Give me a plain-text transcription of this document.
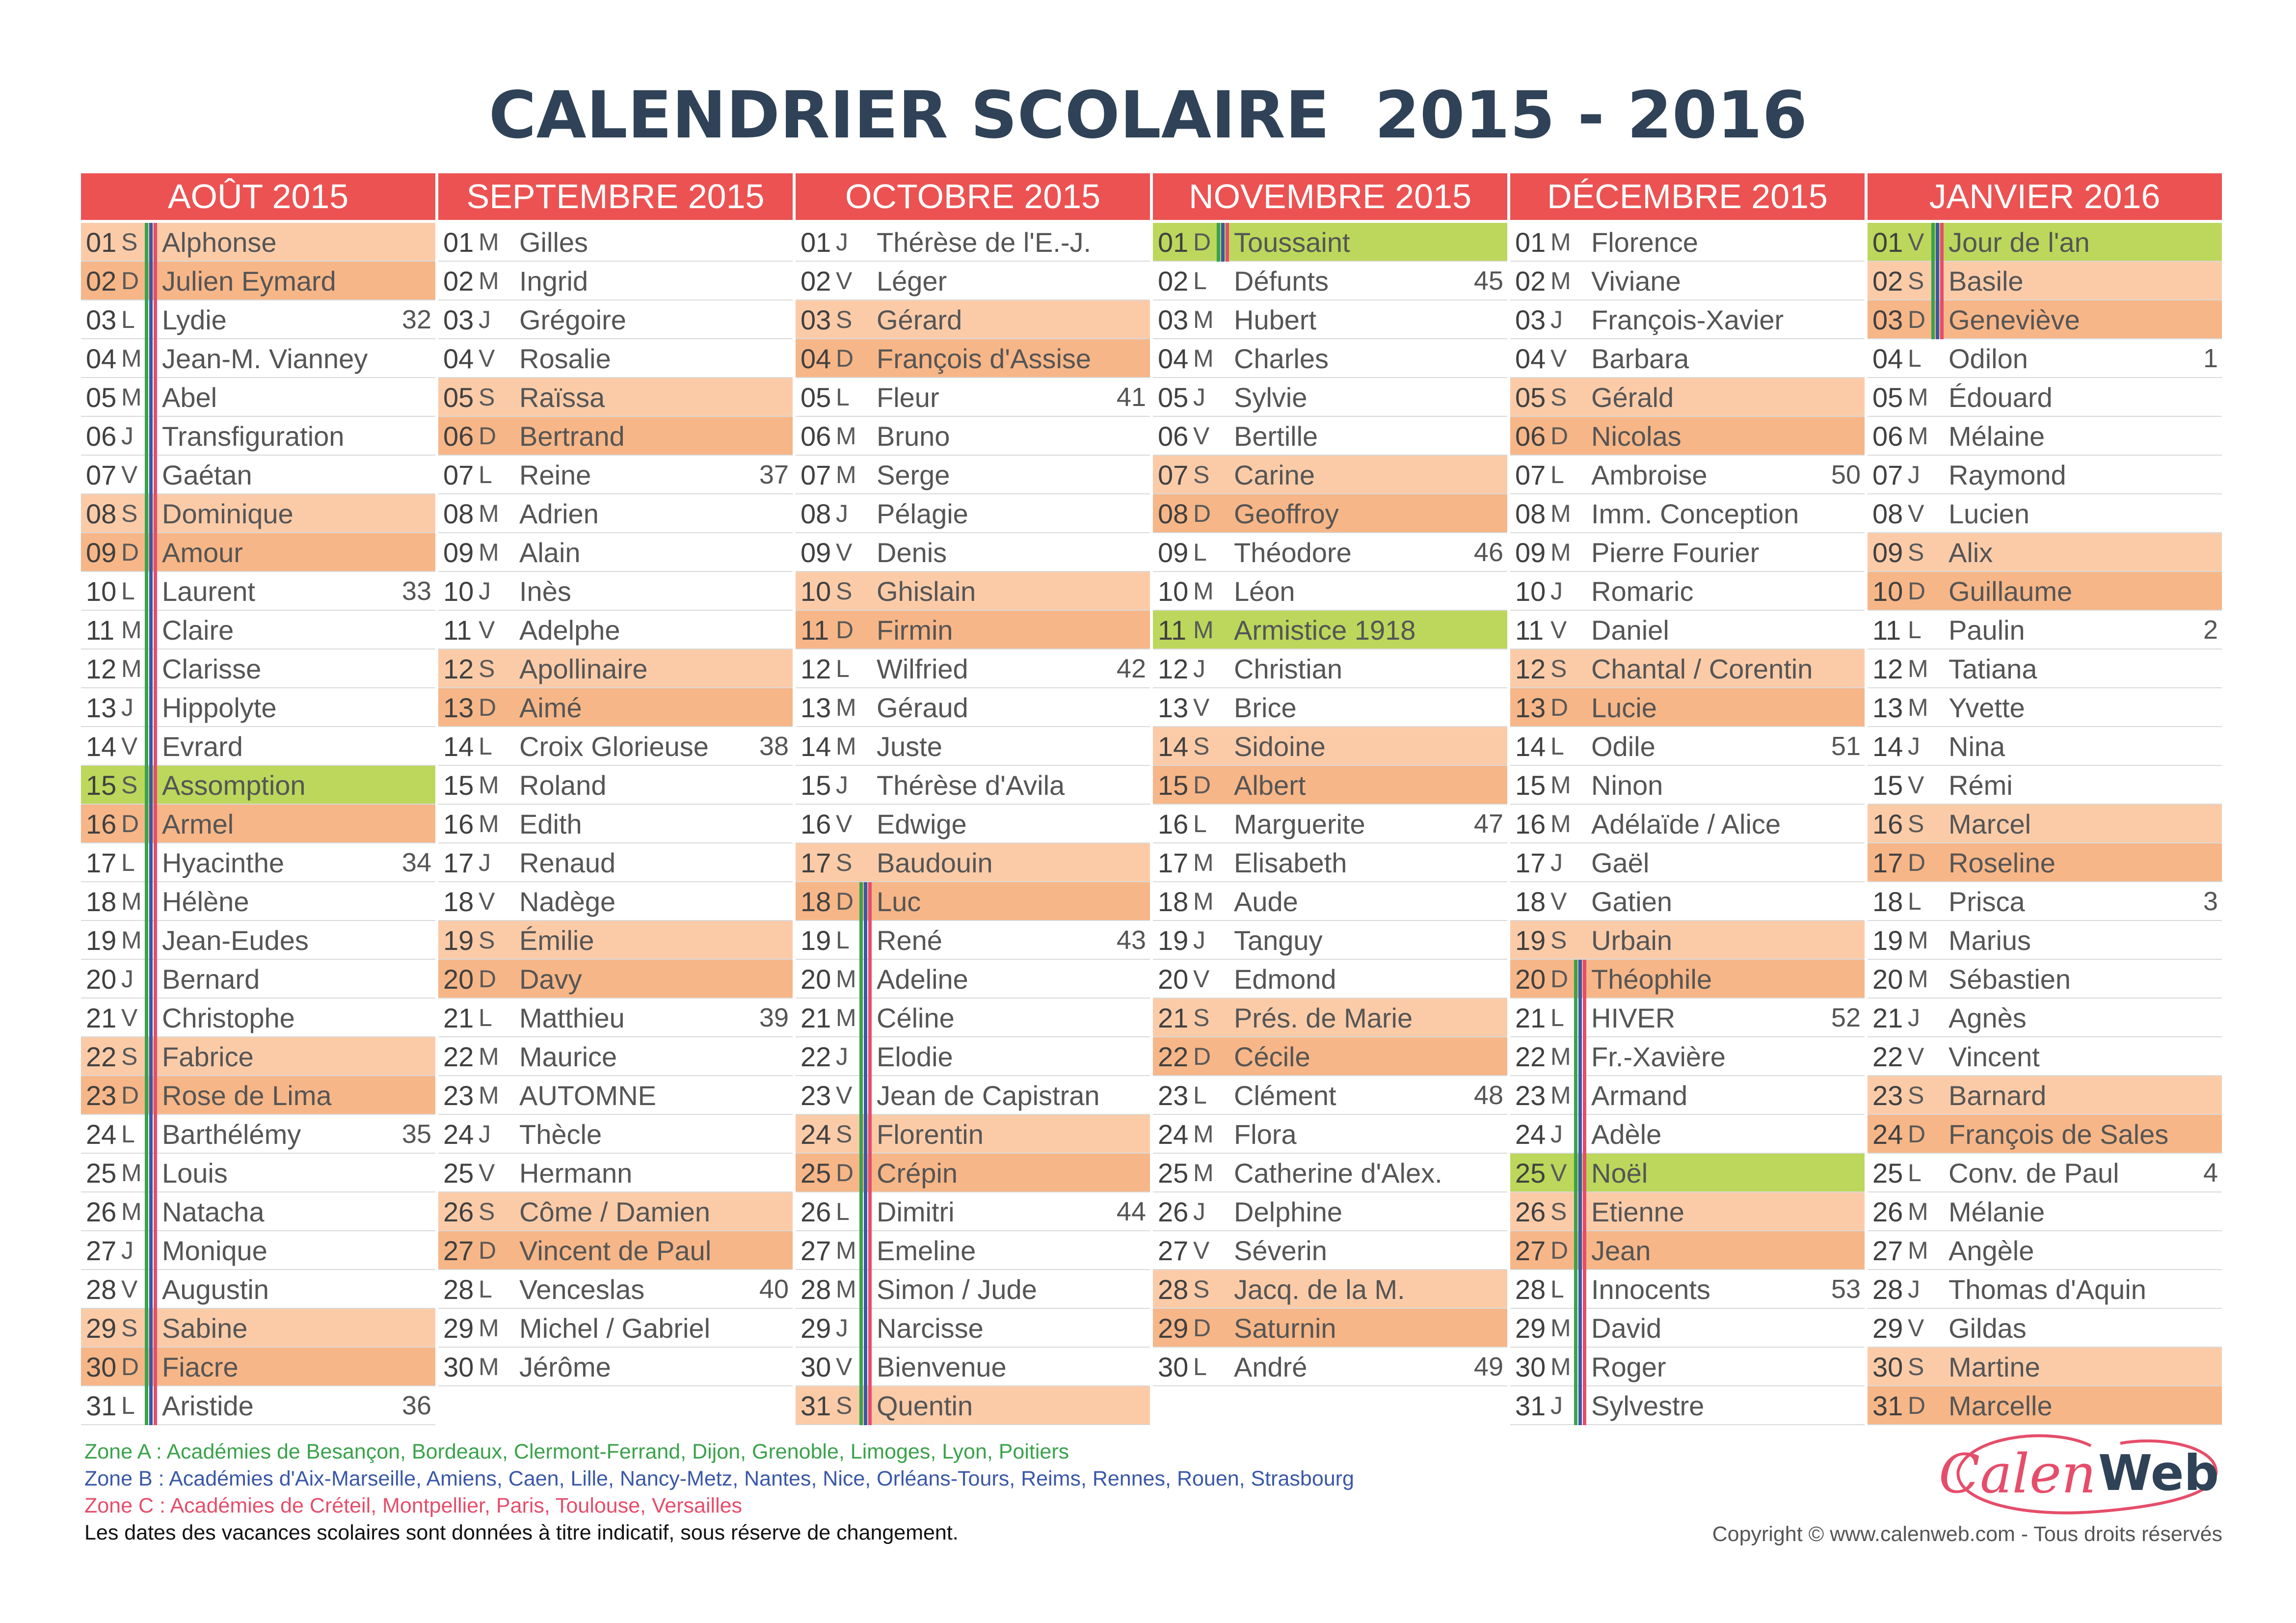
CALENDRIER SCOLAIRE  2015 - 2016
AOÛT 2015
01 S Alphonse
02 D Julien Eymard
03 L Lydie	32
04 M Jean-M. Vianney
05 M Abel
06 J Transfiguration
07 V Gaétan
08 S Dominique
09 D Amour
10 L Laurent	33
11 M Claire
12 M Clarisse
13 J Hippolyte
14 V Evrard
15 S Assomption
16 D Armel
17 L Hyacinthe	34
18 M Hélène
19 M Jean-Eudes
20 J Bernard
21 V Christophe
22 S Fabrice
23 D Rose de Lima
24 L Barthélémy	35
25 M Louis
26 M Natacha
27 J Monique
28 V Augustin
29 S Sabine
30 D Fiacre
31 L Aristide	36
SEPTEMBRE 2015
01 M Gilles
02 M Ingrid
03 J Grégoire
04 V Rosalie
05 S Raïssa
06 D Bertrand
07 L Reine	37
08 M Adrien
09 M Alain
10 J Inès
11 V Adelphe
12 S Apollinaire
13 D Aimé
14 L Croix Glorieuse 38
15 M Roland
16 M Edith
17 J Renaud
18 V Nadège
19 S Émilie
20 D Davy
21 L Matthieu	39
22 M Maurice
23 M AUTOMNE
24 J Thècle
25 V Hermann
26 S Côme / Damien
27 D Vincent de Paul
28 L Venceslas	40
29 M Michel / Gabriel
30 M Jérôme
OCTOBRE 2015
01 J Thérèse de l'E.-J.
02 V Léger
03 S Gérard
04 D François d'Assise
05 L Fleur	41
06 M Bruno
07 M Serge
08 J Pélagie
09 V Denis
10 S Ghislain
11 D Firmin
12 L Wilfried	42
13 M Géraud
14 M Juste
15 J Thérèse d'Avila
16 V Edwige
17 S Baudouin
18 D Luc
19 L René	43
20 M Adeline
21 M Céline
22 J Elodie
23 V Jean de Capistran
24 S Florentin
25 D Crépin
26 L Dimitri	44
27 M Emeline
28 M Simon / Jude
29 J Narcisse
30 V Bienvenue
31 S Quentin
NOVEMBRE 2015
01 D Toussaint
02 L Défunts	45
03 M Hubert
04 M Charles
05 J Sylvie
06 V Bertille
07 S Carine
08 D Geoffroy
09 L Théodore	46
10 M Léon
11 M Armistice 1918
12 J Christian
13 V Brice
14 S Sidoine
15 D Albert
16 L Marguerite	47
17 M Elisabeth
18 M Aude
19 J Tanguy
20 V Edmond
21 S Prés. de Marie
22 D Cécile
23 L Clément	48
24 M Flora
25 M Catherine d'Alex.
26 J Delphine
27 V Séverin
28 S Jacq. de la M.
29 D Saturnin
30 L André	49
DÉCEMBRE 2015
01 M Florence
02 M Viviane
03 J François-Xavier
04 V Barbara
05 S Gérald
06 D Nicolas
07 L Ambroise	50
08 M Imm. Conception
09 M Pierre Fourier
10 J Romaric
11 V Daniel
12 S Chantal / Corentin
13 D Lucie
14 L Odile	51
15 M Ninon
16 M Adélaïde / Alice
17 J Gaël
18 V Gatien
19 S Urbain
20 D Théophile
21 L HIVER	52
22 M Fr.-Xavière
23 M Armand
24 J Adèle
25 V Noël
26 S Etienne
27 D Jean
28 L Innocents	53
29 M David
30 M Roger
31 J Sylvestre
JANVIER 2016
01 V Jour de l'an
02 S Basile
03 D Geneviève
04 L Odilon	1
05 M Édouard
06 M Mélaine
07 J Raymond
08 V Lucien
09 S Alix
10 D Guillaume
11 L Paulin	2
12 M Tatiana
13 M Yvette
14 J Nina
15 V Rémi
16 S Marcel
17 D Roseline
18 L Prisca	3
19 M Marius
20 M Sébastien
21 J Agnès
22 V Vincent
23 S Barnard
24 D François de Sales
25 L Conv. de Paul	4
26 M Mélanie
27 M Angèle
28 J Thomas d'Aquin
29 V Gildas
30 S Martine
31 D Marcelle
Zone A : Académies de Besançon, Bordeaux, Clermont-Ferrand, Dijon, Grenoble, Limoges, Lyon, Poitiers
Zone B : Académies d'Aix-Marseille, Amiens, Caen, Lille, Nancy-Metz, Nantes, Nice, Orléans-Tours, Reims, Rennes, Rouen, Strasbourg
Zone C : Académies de Créteil, Montpellier, Paris, Toulouse, Versailles
Les dates des vacances scolaires sont données à titre indicatif, sous réserve de changement.
Calen Web
Copyright © www.calenweb.com - Tous droits réservés
